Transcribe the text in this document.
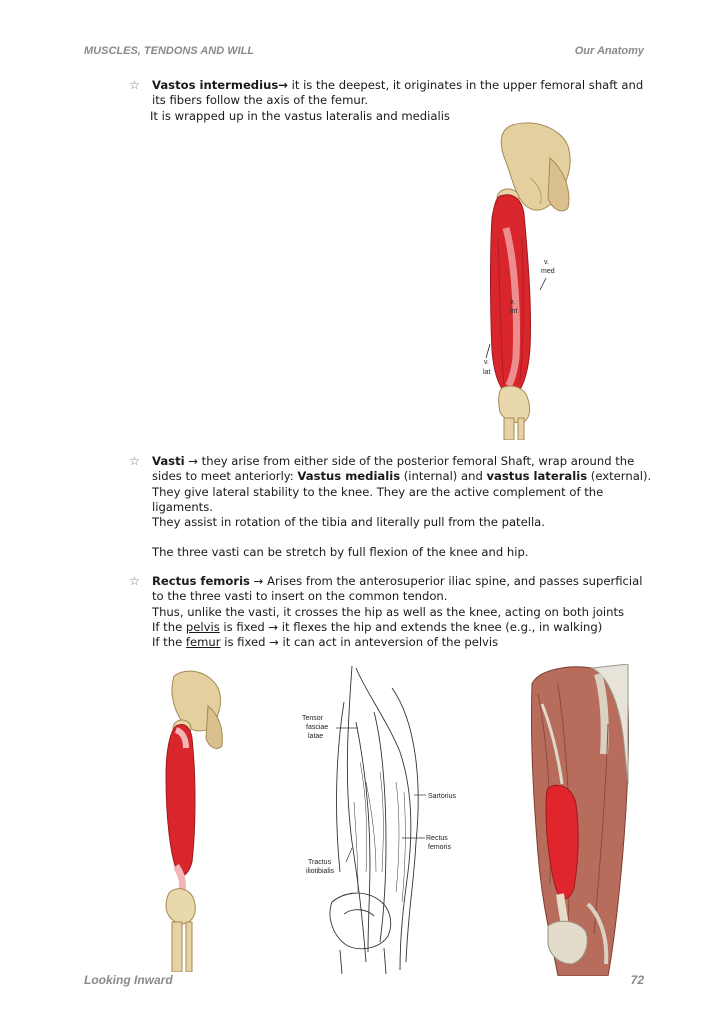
MUSCLES, TENDONS AND WILL	Our Anatomy
☆ Vastos intermedius→ it is the deepest, it originates in the upper femoral shaft and its fibers follow the axis of the femur.

It is wrapped up in the vastus lateralis and medialis

v.
med
v.
int
v.
lat
☆ Vasti → they arise from either side of the posterior femoral Shaft, wrap around the sides to meet anteriorly: Vastus medialis (internal) and vastus lateralis (external).

They give lateral stability to the knee. They are the active complement of the ligaments.

They assist in rotation of the tibia and literally pull from the patella.

The three vasti can be stretch by full flexion of the knee and hip.

☆ Rectus femoris → Arises from the anterosuperior iliac spine, and passes superficial to the three vasti to insert on the common tendon.

Thus, unlike the vasti, it crosses the hip as well as the knee, acting on both joints

If the pelvis is fixed → it flexes the hip and extends the knee (e.g., in walking)

If the femur is fixed → it can act in anteversion of the pelvis

Tensor
fasciae
latae
Sartorius
Rectus
femoris
Tractus
iliotibialis
Looking Inward	72
